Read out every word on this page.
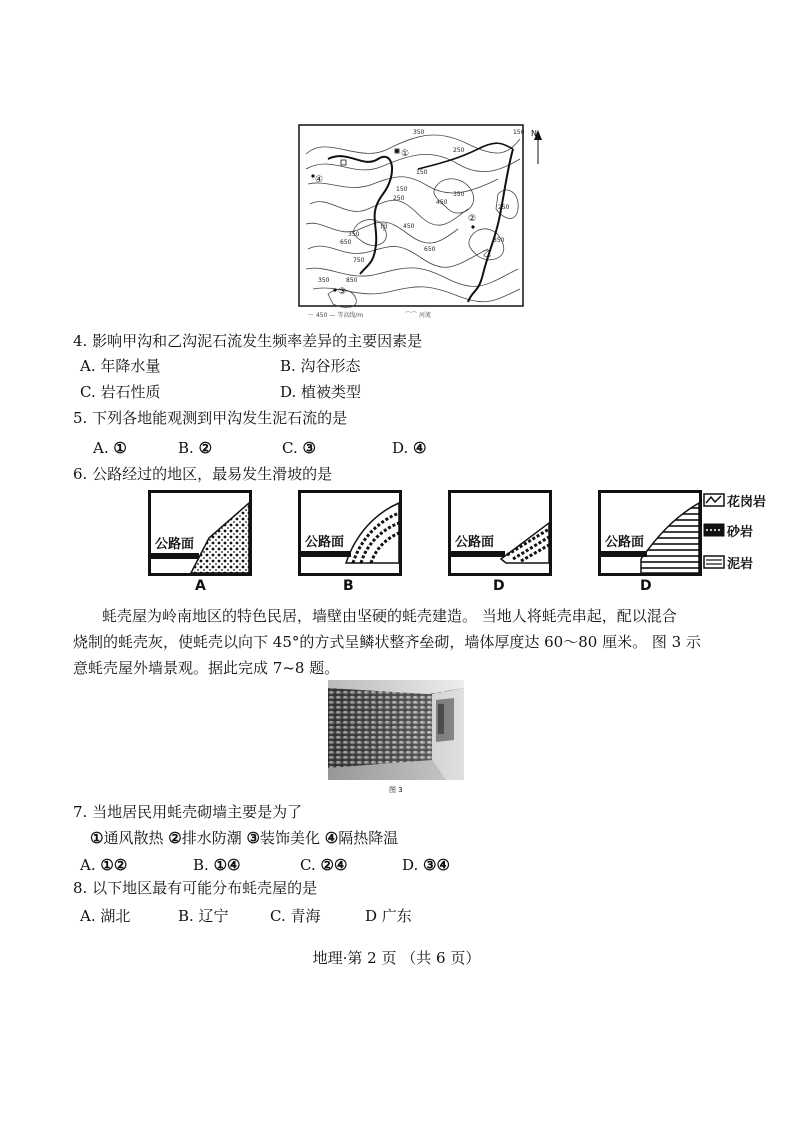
350
250
150
150
250
450
350
650
650
750
850
350
350
250
150
350
450
①
②
③
④
甲
乙
N
〜 450 — 等高线/m	⌒⌒ 河流
4. 影响甲沟和乙沟泥石流发生频率差异的主要因素是
A. 年降水量	B. 沟谷形态
C. 岩石性质	D. 植被类型
5. 下列各地能观测到甲沟发生泥石流的是
A. ①	B. ②	C. ③	D. ④
6. 公路经过的地区，最易发生滑坡的是
公路面
A
公路面
B
公路面
D
公路面
D
花岗岩
砂岩
泥岩
蚝壳屋为岭南地区的特色民居，墙壁由坚硬的蚝壳建造。 当地人将蚝壳串起，配以混合
烧制的蚝壳灰，使蚝壳以向下 45°的方式呈鳞状整齐垒砌，墙体厚度达 60～80 厘米。 图 3 示
意蚝壳屋外墙景观。据此完成 7~8 题。
图 3
7. 当地居民用蚝壳砌墙主要是为了
①通风散热 ②排水防潮 ③装饰美化 ④隔热降温
A. ①②	B. ①④	C. ②④	D. ③④
8. 以下地区最有可能分布蚝壳屋的是
A. 湖北	B. 辽宁	C. 青海	D 广东
地理·第 2 页 （共 6 页）
